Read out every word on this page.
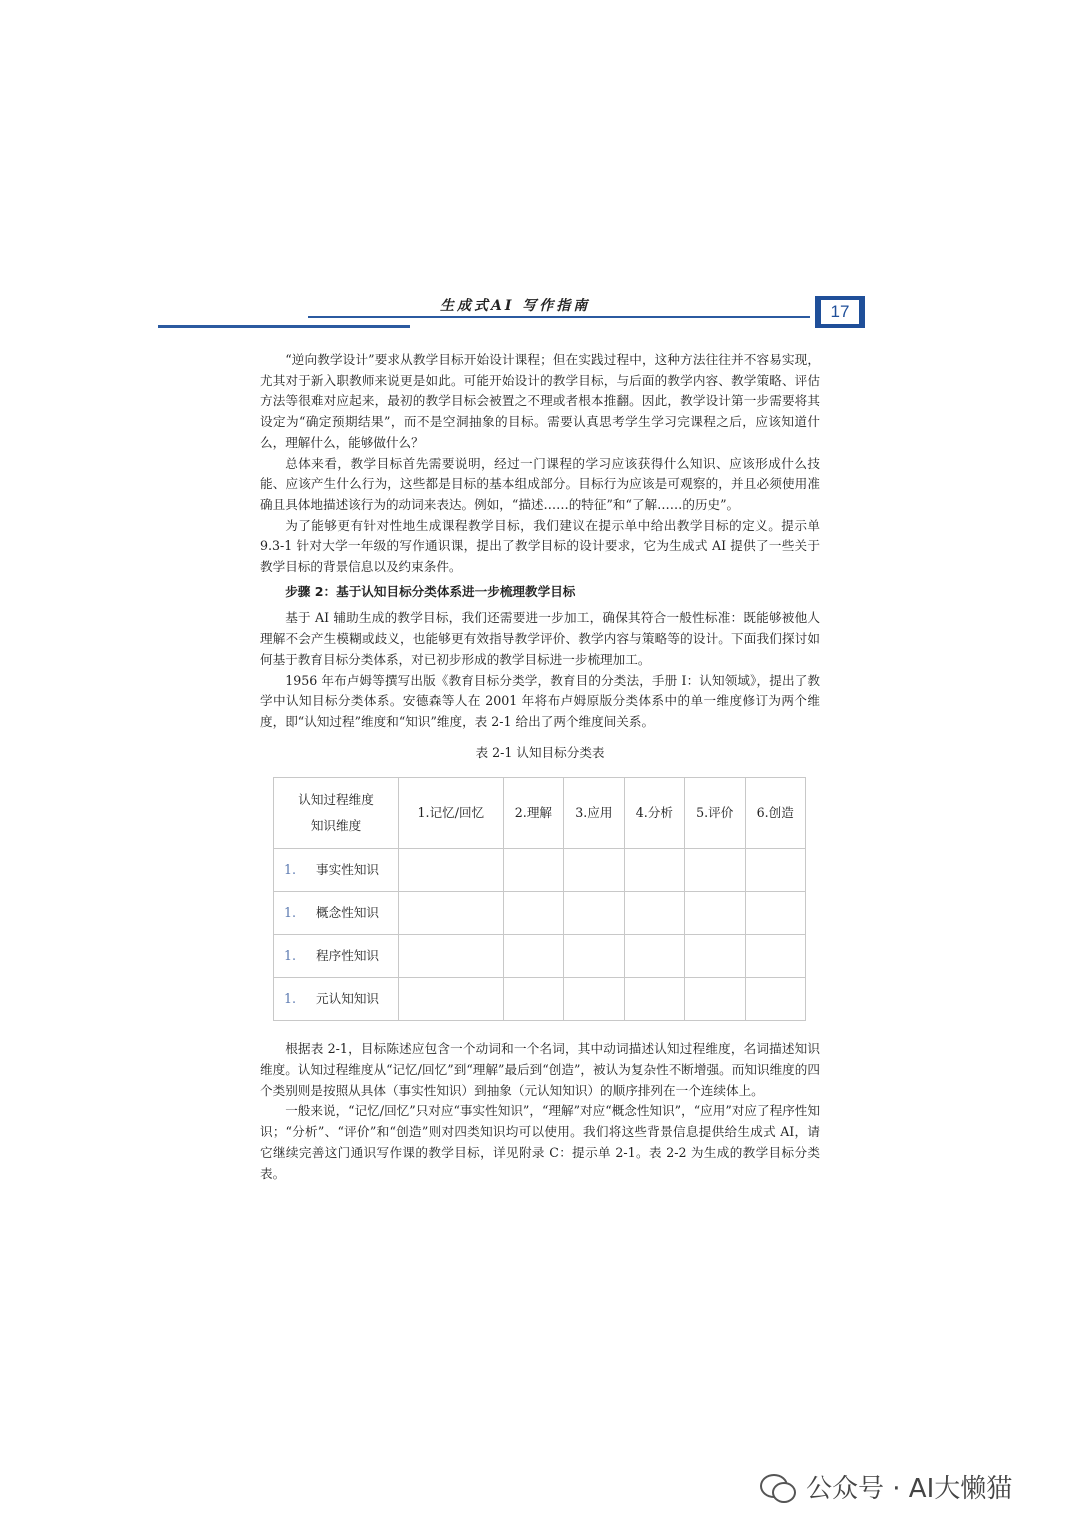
生成式AI 写作指南	17

“逆向教学设计”要求从教学目标开始设计课程；但在实践过程中，这种方法往往并不容易实现，尤其对于新入职教师来说更是如此。可能开始设计的教学目标，与后面的教学内容、教学策略、评估方法等很难对应起来，最初的教学目标会被置之不理或者根本推翻。因此，教学设计第一步需要将其设定为“确定预期结果”，而不是空洞抽象的目标。需要认真思考学生学习完课程之后，应该知道什么，理解什么，能够做什么？

总体来看，教学目标首先需要说明，经过一门课程的学习应该获得什么知识、应该形成什么技能、应该产生什么行为，这些都是目标的基本组成部分。目标行为应该是可观察的，并且必须使用准确且具体地描述该行为的动词来表达。例如，“描述……的特征”和“了解……的历史”。

为了能够更有针对性地生成课程教学目标，我们建议在提示单中给出教学目标的定义。提示单9.3-1 针对大学一年级的写作通识课，提出了教学目标的设计要求，它为生成式 AI 提供了一些关于教学目标的背景信息以及约束条件。

步骤 2：基于认知目标分类体系进一步梳理教学目标

基于 AI 辅助生成的教学目标，我们还需要进一步加工，确保其符合一般性标准：既能够被他人理解不会产生模糊或歧义，也能够更有效指导教学评价、教学内容与策略等的设计。下面我们探讨如何基于教育目标分类体系，对已初步形成的教学目标进一步梳理加工。

1956 年布卢姆等撰写出版《教育目标分类学，教育目的分类法，手册 I：认知领域》，提出了教学中认知目标分类体系。安德森等人在 2001 年将布卢姆原版分类体系中的单一维度修订为两个维度，即“认知过程”维度和“知识”维度，表 2-1 给出了两个维度间关系。

表 2-1 认知目标分类表
认知过程维度
知识维度	1.记忆/回忆	2.理解	3.应用	4.分析	5.评价	6.创造
1. 事实性知识						
1. 概念性知识						
1. 程序性知识						
1. 元认知知识						

根据表 2-1，目标陈述应包含一个动词和一个名词，其中动词描述认知过程维度，名词描述知识维度。认知过程维度从“记忆/回忆”到“理解”最后到“创造”，被认为复杂性不断增强。而知识维度的四个类别则是按照从具体（事实性知识）到抽象（元认知知识）的顺序排列在一个连续体上。

一般来说，“记忆/回忆”只对应“事实性知识”，“理解”对应“概念性知识”，“应用”对应了程序性知识；“分析”、“评价”和“创造”则对四类知识均可以使用。我们将这些背景信息提供给生成式 AI，请它继续完善这门通识写作课的教学目标，详见附录 C：提示单 2-1。表 2-2 为生成的教学目标分类表。

公众号 · AI大懒猫
